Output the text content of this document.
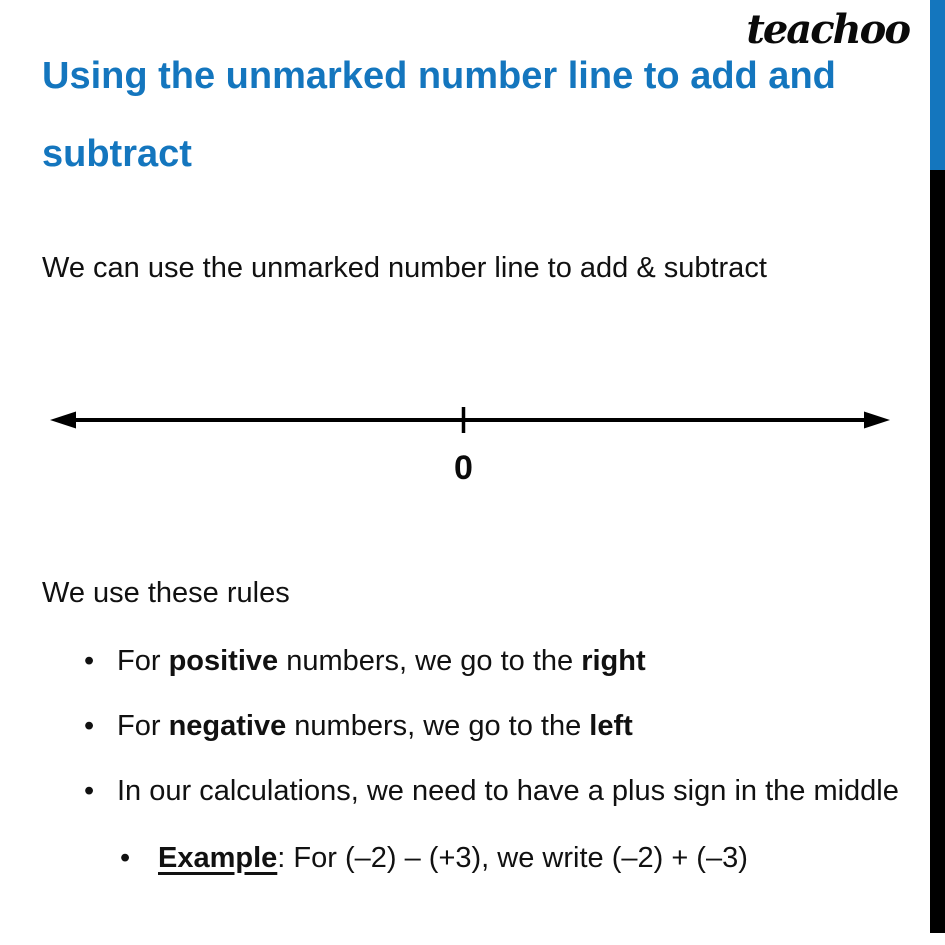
teachoo
Using the unmarked number line to add and subtract

We can use the unmarked number line to add & subtract

0

We use these rules

• For positive numbers, we go to the right
• For negative numbers, we go to the left
• In our calculations, we need to have a plus sign in the middle
• Example: For (–2) – (+3), we write (–2) + (–3)
